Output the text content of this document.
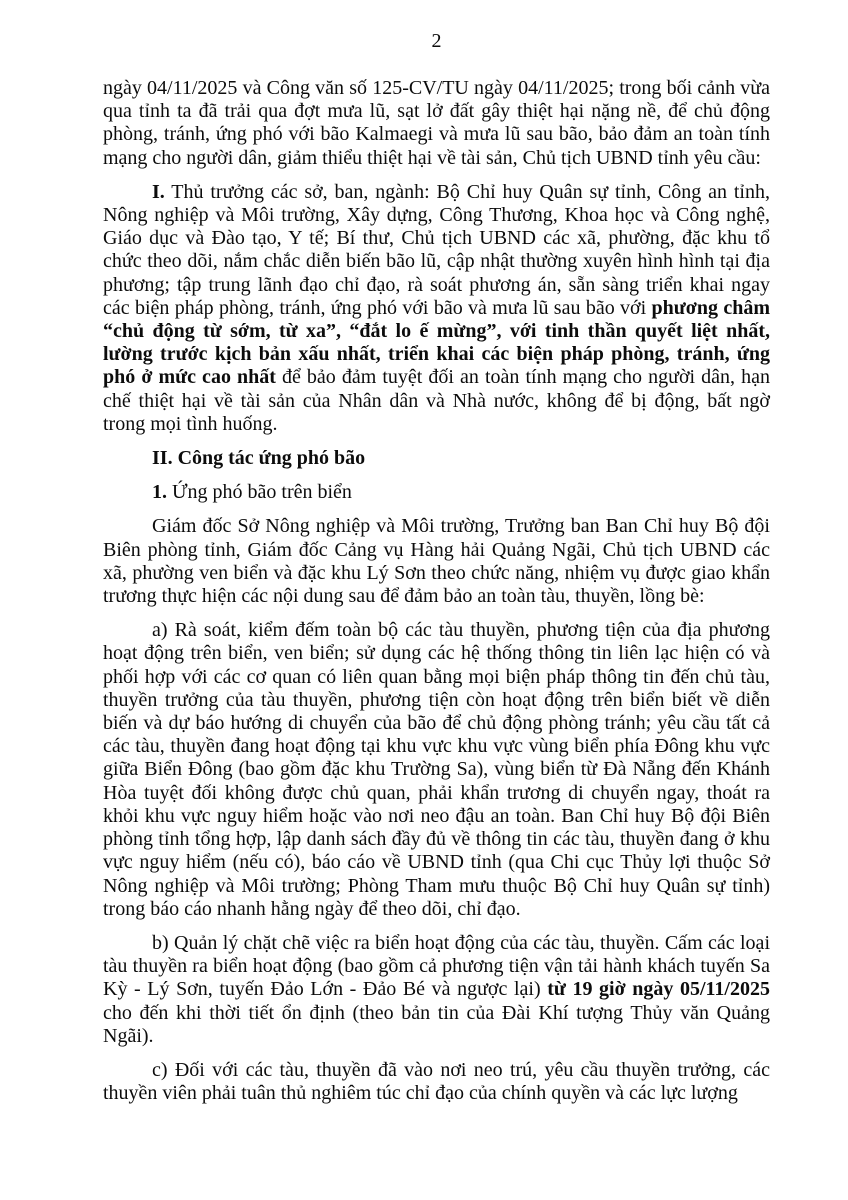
2

ngày 04/11/2025 và Công văn số 125-CV/TU ngày 04/11/2025; trong bối cảnh vừa qua tỉnh ta đã trải qua đợt mưa lũ, sạt lở đất gây thiệt hại nặng nề, để chủ động phòng, tránh, ứng phó với bão Kalmaegi và mưa lũ sau bão, bảo đảm an toàn tính mạng cho người dân, giảm thiểu thiệt hại về tài sản, Chủ tịch UBND tỉnh yêu cầu:

I. Thủ trưởng các sở, ban, ngành: Bộ Chỉ huy Quân sự tỉnh, Công an tỉnh, Nông nghiệp và Môi trường, Xây dựng, Công Thương, Khoa học và Công nghệ, Giáo dục và Đào tạo, Y tế; Bí thư, Chủ tịch UBND các xã, phường, đặc khu tổ chức theo dõi, nắm chắc diễn biến bão lũ, cập nhật thường xuyên hình hình tại địa phương; tập trung lãnh đạo chỉ đạo, rà soát phương án, sẵn sàng triển khai ngay các biện pháp phòng, tránh, ứng phó với bão và mưa lũ sau bão với phương châm “chủ động từ sớm, từ xa”, “đắt lo ế mừng”, với tinh thần quyết liệt nhất, lường trước kịch bản xấu nhất, triển khai các biện pháp phòng, tránh, ứng phó ở mức cao nhất để bảo đảm tuyệt đối an toàn tính mạng cho người dân, hạn chế thiệt hại về tài sản của Nhân dân và Nhà nước, không để bị động, bất ngờ trong mọi tình huống.

II. Công tác ứng phó bão

1. Ứng phó bão trên biển

Giám đốc Sở Nông nghiệp và Môi trường, Trưởng ban Ban Chỉ huy Bộ đội Biên phòng tỉnh, Giám đốc Cảng vụ Hàng hải Quảng Ngãi, Chủ tịch UBND các xã, phường ven biển và đặc khu Lý Sơn theo chức năng, nhiệm vụ được giao khẩn trương thực hiện các nội dung sau để đảm bảo an toàn tàu, thuyền, lồng bè:

a) Rà soát, kiểm đếm toàn bộ các tàu thuyền, phương tiện của địa phương hoạt động trên biển, ven biển; sử dụng các hệ thống thông tin liên lạc hiện có và phối hợp với các cơ quan có liên quan bằng mọi biện pháp thông tin đến chủ tàu, thuyền trưởng của tàu thuyền, phương tiện còn hoạt động trên biển biết về diễn biến và dự báo hướng di chuyển của bão để chủ động phòng tránh; yêu cầu tất cả các tàu, thuyền đang hoạt động tại khu vực khu vực vùng biển phía Đông khu vực giữa Biển Đông (bao gồm đặc khu Trường Sa), vùng biển từ Đà Nẵng đến Khánh Hòa tuyệt đối không được chủ quan, phải khẩn trương di chuyển ngay, thoát ra khỏi khu vực nguy hiểm hoặc vào nơi neo đậu an toàn. Ban Chỉ huy Bộ đội Biên phòng tỉnh tổng hợp, lập danh sách đầy đủ về thông tin các tàu, thuyền đang ở khu vực nguy hiểm (nếu có), báo cáo về UBND tỉnh (qua Chi cục Thủy lợi thuộc Sở Nông nghiệp và Môi trường; Phòng Tham mưu thuộc Bộ Chỉ huy Quân sự tỉnh) trong báo cáo nhanh hằng ngày để theo dõi, chỉ đạo.

b) Quản lý chặt chẽ việc ra biển hoạt động của các tàu, thuyền. Cấm các loại tàu thuyền ra biển hoạt động (bao gồm cả phương tiện vận tải hành khách tuyến Sa Kỳ - Lý Sơn, tuyến Đảo Lớn - Đảo Bé và ngược lại) từ 19 giờ ngày 05/11/2025 cho đến khi thời tiết ổn định (theo bản tin của Đài Khí tượng Thủy văn Quảng Ngãi).

c) Đối với các tàu, thuyền đã vào nơi neo trú, yêu cầu thuyền trưởng, các thuyền viên phải tuân thủ nghiêm túc chỉ đạo của chính quyền và các lực lượng
